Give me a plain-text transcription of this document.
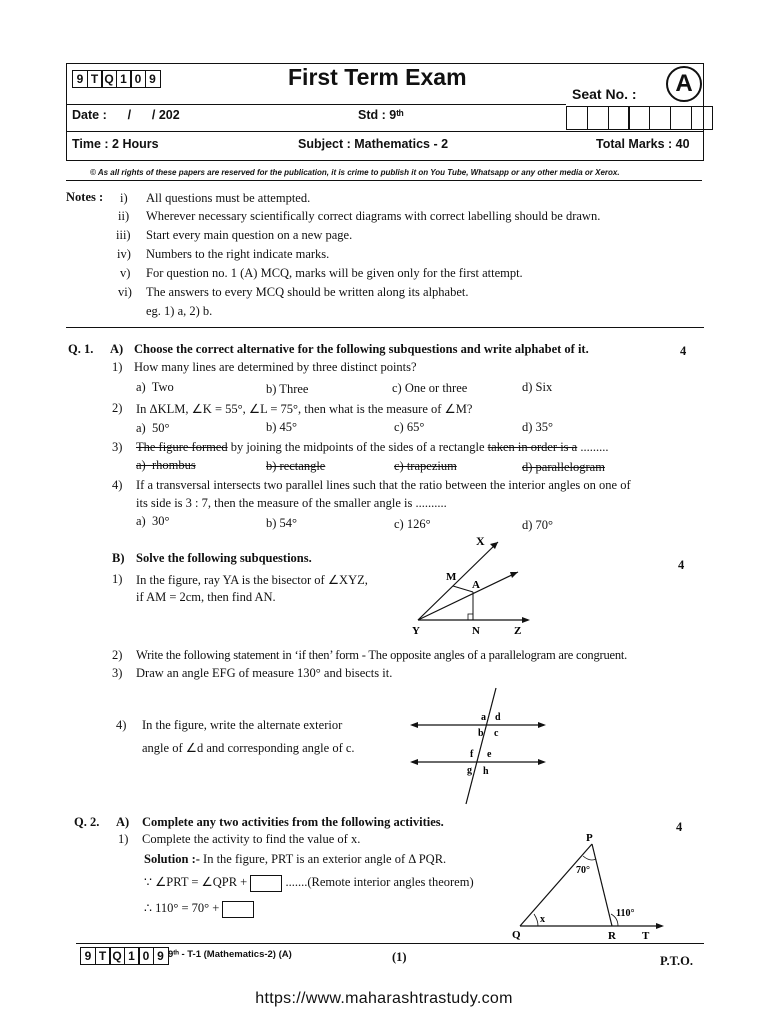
9 T Q 1 0 9	First Term Exam
Seat No. :	A
Date :      /      / 202	Std : 9ᵗʰ
Time : 2 Hours	Subject : Mathematics - 2	Total Marks : 40
© As all rights of these papers are reserved for the publication, it is crime to publish it on You Tube, Whatsapp or any other media or Xerox.
Notes : i) All questions must be attempted.
ii) Wherever necessary scientifically correct diagrams with correct labelling should be drawn.
iii) Start every main question on a new page.
iv) Numbers to the right indicate marks.
v) For question no. 1 (A) MCQ, marks will be given only for the first attempt.
vi) The answers to every MCQ should be written along its alphabet.
eg. 1) a, 2) b.
Q. 1. A) Choose the correct alternative for the following subquestions and write alphabet of it.	4
1) How many lines are determined by three distinct points?
a)  Two	b) Three	c) One or three	d) Six
2) In ΔKLM, ∠K = 55°, ∠L = 75°, then what is the measure of ∠M?
a)  50°	b) 45°	c) 65°	d) 35°
3) The figure formed by joining the midpoints of the sides of a rectangle taken in order is a .........
a)  rhombus	b) rectangle	c) trapezium	d) parallelogram
4) If a transversal intersects two parallel lines such that the ratio between the interior angles on one of
its side is 3 : 7, then the measure of the smaller angle is ..........
a)  30°	b) 54°	c) 126°	d) 70°
B) Solve the following subquestions.	4
1) In the figure, ray YA is the bisector of ∠XYZ,
if AM = 2cm, then find AN.
X
M
A
Y	N	Z
2) Write the following statement in ‘if then’ form - The opposite angles of a parallelogram are congruent.
3) Draw an angle EFG of measure 130° and bisects it.
4) In the figure, write the alternate exterior
angle of ∠d and corresponding angle of c.
a d
b c
f e
g h
Q. 2. A) Complete any two activities from the following activities.	4
1) Complete the activity to find the value of x.
Solution :- In the figure, PRT is an exterior angle of Δ PQR.
∵ ∠PRT = ∠QPR +	.......(Remote interior angles theorem)
∴ 110° = 70° +
P
70°
x
110°
Q	R T
9 T Q 1 0 9 9ᵗʰ - T-1 (Mathematics-2) (A)	(1)	P.T.O.
https://www.maharashtrastudy.com
